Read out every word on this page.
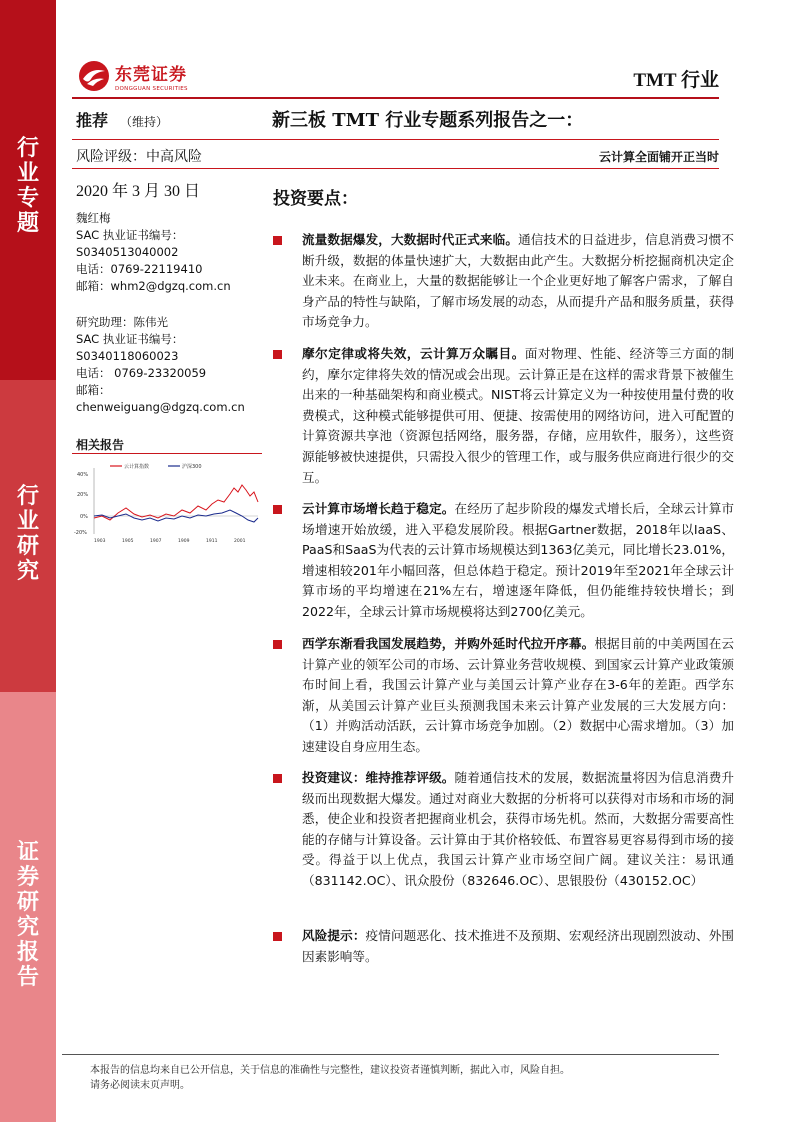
行
业
专
题
行
业
研
究
证
券
研
究
报
告
东莞证券
DONGGUAN SECURITIES	TMT 行业
推荐 （维持）	新三板 TMT 行业专题系列报告之一：
风险评级：中高风险	云计算全面铺开正当时
2020 年 3 月 30 日
魏红梅
SAC 执业证书编号：
S0340513040002
电话：0769-22119410
邮箱：whm2@dgzq.com.cn
研究助理：陈伟光
SAC 执业证书编号：
S0340118060023
电话： 0769-23320059
邮箱：
chenweiguang@dgzq.com.cn
相关报告
云计算指数	沪深300
40%
20%
0%
-20%
1903	1905	1907	1909	1911	2001
投资要点：
流量数据爆发，大数据时代正式来临。通信技术的日益进步，信息消费习惯不断升级，数据的体量快速扩大，大数据由此产生。大数据分析挖掘商机决定企业未来。在商业上，大量的数据能够让一个企业更好地了解客户需求，了解自身产品的特性与缺陷，了解市场发展的动态，从而提升产品和服务质量，获得市场竞争力。
摩尔定律或将失效，云计算万众瞩目。面对物理、性能、经济等三方面的制约，摩尔定律将失效的情况或会出现。云计算正是在这样的需求背景下被催生出来的一种基础架构和商业模式。NIST将云计算定义为一种按使用量付费的收费模式，这种模式能够提供可用、便捷、按需使用的网络访问，进入可配置的计算资源共享池（资源包括网络，服务器，存储，应用软件，服务），这些资源能够被快速提供，只需投入很少的管理工作，或与服务供应商进行很少的交互。
云计算市场增长趋于稳定。在经历了起步阶段的爆发式增长后，全球云计算市场增速开始放缓，进入平稳发展阶段。根据Gartner数据，2018年以IaaS、PaaS和SaaS为代表的云计算市场规模达到1363亿美元，同比增长23.01%，增速相较201年小幅回落，但总体趋于稳定。预计2019年至2021年全球云计算市场的平均增速在21%左右，增速逐年降低，但仍能维持较快增长；到2022年，全球云计算市场规模将达到2700亿美元。
西学东渐看我国发展趋势，并购外延时代拉开序幕。根据目前的中美两国在云计算产业的领军公司的市场、云计算业务营收规模、到国家云计算产业政策颁布时间上看，我国云计算产业与美国云计算产业存在3-6年的差距。西学东渐，从美国云计算产业巨头预测我国未来云计算产业发展的三大发展方向：（1）并购活动活跃，云计算市场竞争加剧。（2）数据中心需求增加。（3）加速建设自身应用生态。
投资建议：维持推荐评级。随着通信技术的发展，数据流量将因为信息消费升级而出现数据大爆发。通过对商业大数据的分析将可以获得对市场和市场的洞悉，使企业和投资者把握商业机会，获得市场先机。然而，大数据分需要高性能的存储与计算设备。云计算由于其价格较低、布置容易更容易得到市场的接受。得益于以上优点，我国云计算产业市场空间广阔。建议关注：易讯通（831142.OC）、讯众股份（832646.OC）、思银股份（430152.OC）
风险提示：疫情问题恶化、技术推进不及预期、宏观经济出现剧烈波动、外围因素影响等。
本报告的信息均来自已公开信息，关于信息的准确性与完整性，建议投资者谨慎判断，据此入市，风险自担。
请务必阅读末页声明。
